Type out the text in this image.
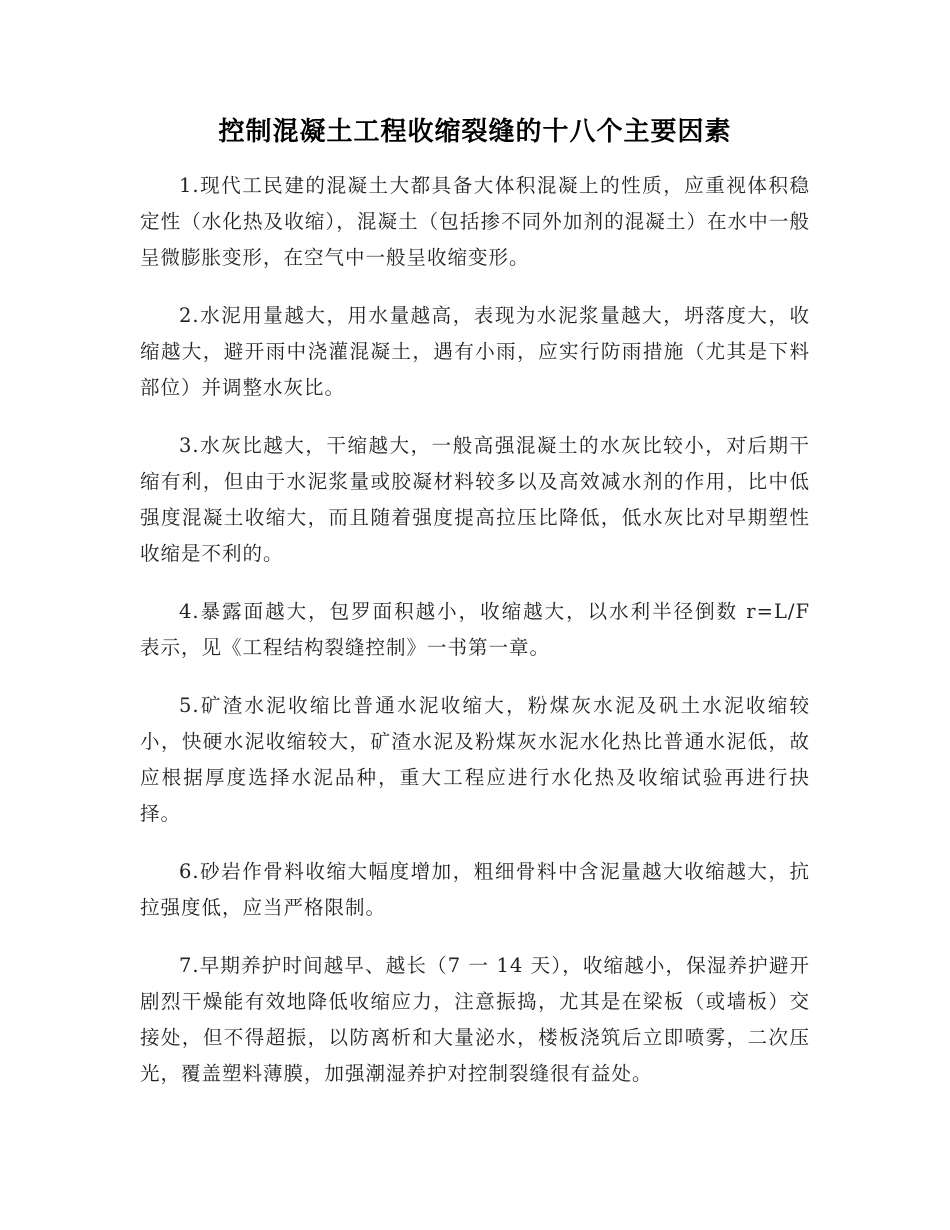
控制混凝土工程收缩裂缝的十八个主要因素

1.现代工民建的混凝土大都具备大体积混凝上的性质，应重视体积稳定性（水化热及收缩），混凝土（包括掺不同外加剂的混凝土）在水中一般呈微膨胀变形，在空气中一般呈收缩变形。

2.水泥用量越大，用水量越高，表现为水泥浆量越大，坍落度大，收缩越大，避开雨中浇灌混凝土，遇有小雨，应实行防雨措施（尤其是下料部位）并调整水灰比。

3.水灰比越大，干缩越大，一般高强混凝土的水灰比较小，对后期干缩有利，但由于水泥浆量或胶凝材料较多以及高效减水剂的作用，比中低强度混凝土收缩大，而且随着强度提高拉压比降低，低水灰比对早期塑性收缩是不利的。

4.暴露面越大，包罗面积越小，收缩越大，以水利半径倒数 r=L/F 表示，见《工程结构裂缝控制》一书第一章。

5.矿渣水泥收缩比普通水泥收缩大，粉煤灰水泥及矾土水泥收缩较小，快硬水泥收缩较大，矿渣水泥及粉煤灰水泥水化热比普通水泥低，故应根据厚度选择水泥品种，重大工程应进行水化热及收缩试验再进行抉择。

6.砂岩作骨料收缩大幅度增加，粗细骨料中含泥量越大收缩越大，抗拉强度低，应当严格限制。

7.早期养护时间越早、越长（7 一 14 天），收缩越小，保湿养护避开剧烈干燥能有效地降低收缩应力，注意振捣，尤其是在梁板（或墙板）交接处，但不得超振，以防离析和大量泌水，楼板浇筑后立即喷雾，二次压光，覆盖塑料薄膜，加强潮湿养护对控制裂缝很有益处。
